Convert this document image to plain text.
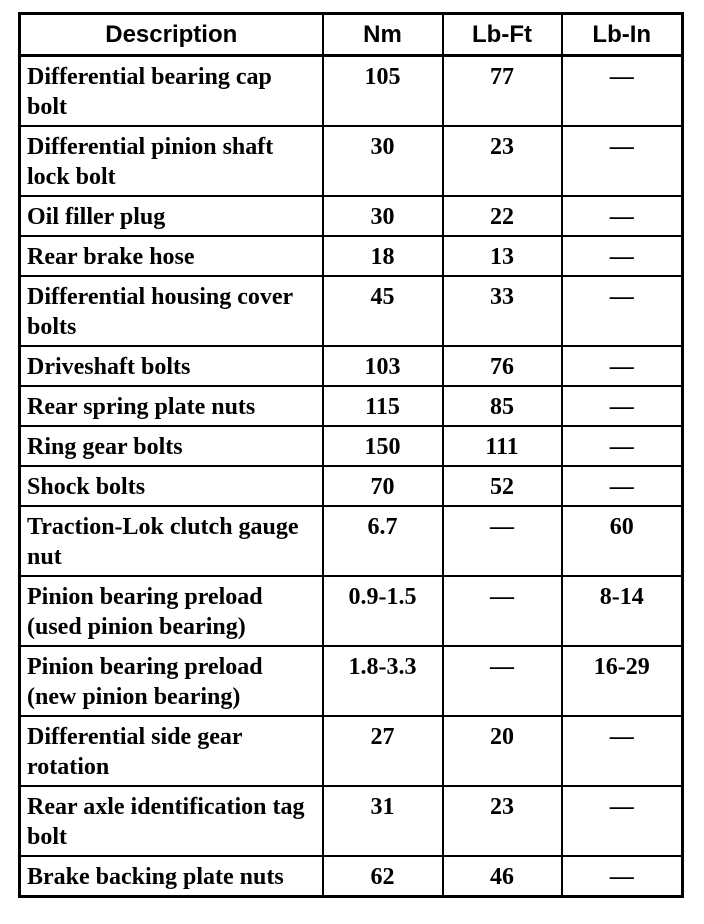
Description	Nm	Lb-Ft	Lb-In
Differential bearing cap bolt	105	77	—
Differential pinion shaft lock bolt	30	23	—
Oil filler plug	30	22	—
Rear brake hose	18	13	—
Differential housing cover bolts	45	33	—
Driveshaft bolts	103	76	—
Rear spring plate nuts	115	85	—
Ring gear bolts	150	111	—
Shock bolts	70	52	—
Traction-Lok clutch gauge nut	6.7	—	60
Pinion bearing preload (used pinion bearing)	0.9-1.5	—	8-14
Pinion bearing preload (new pinion bearing)	1.8-3.3	—	16-29
Differential side gear rotation	27	20	—
Rear axle identification tag bolt	31	23	—
Brake backing plate nuts	62	46	—
